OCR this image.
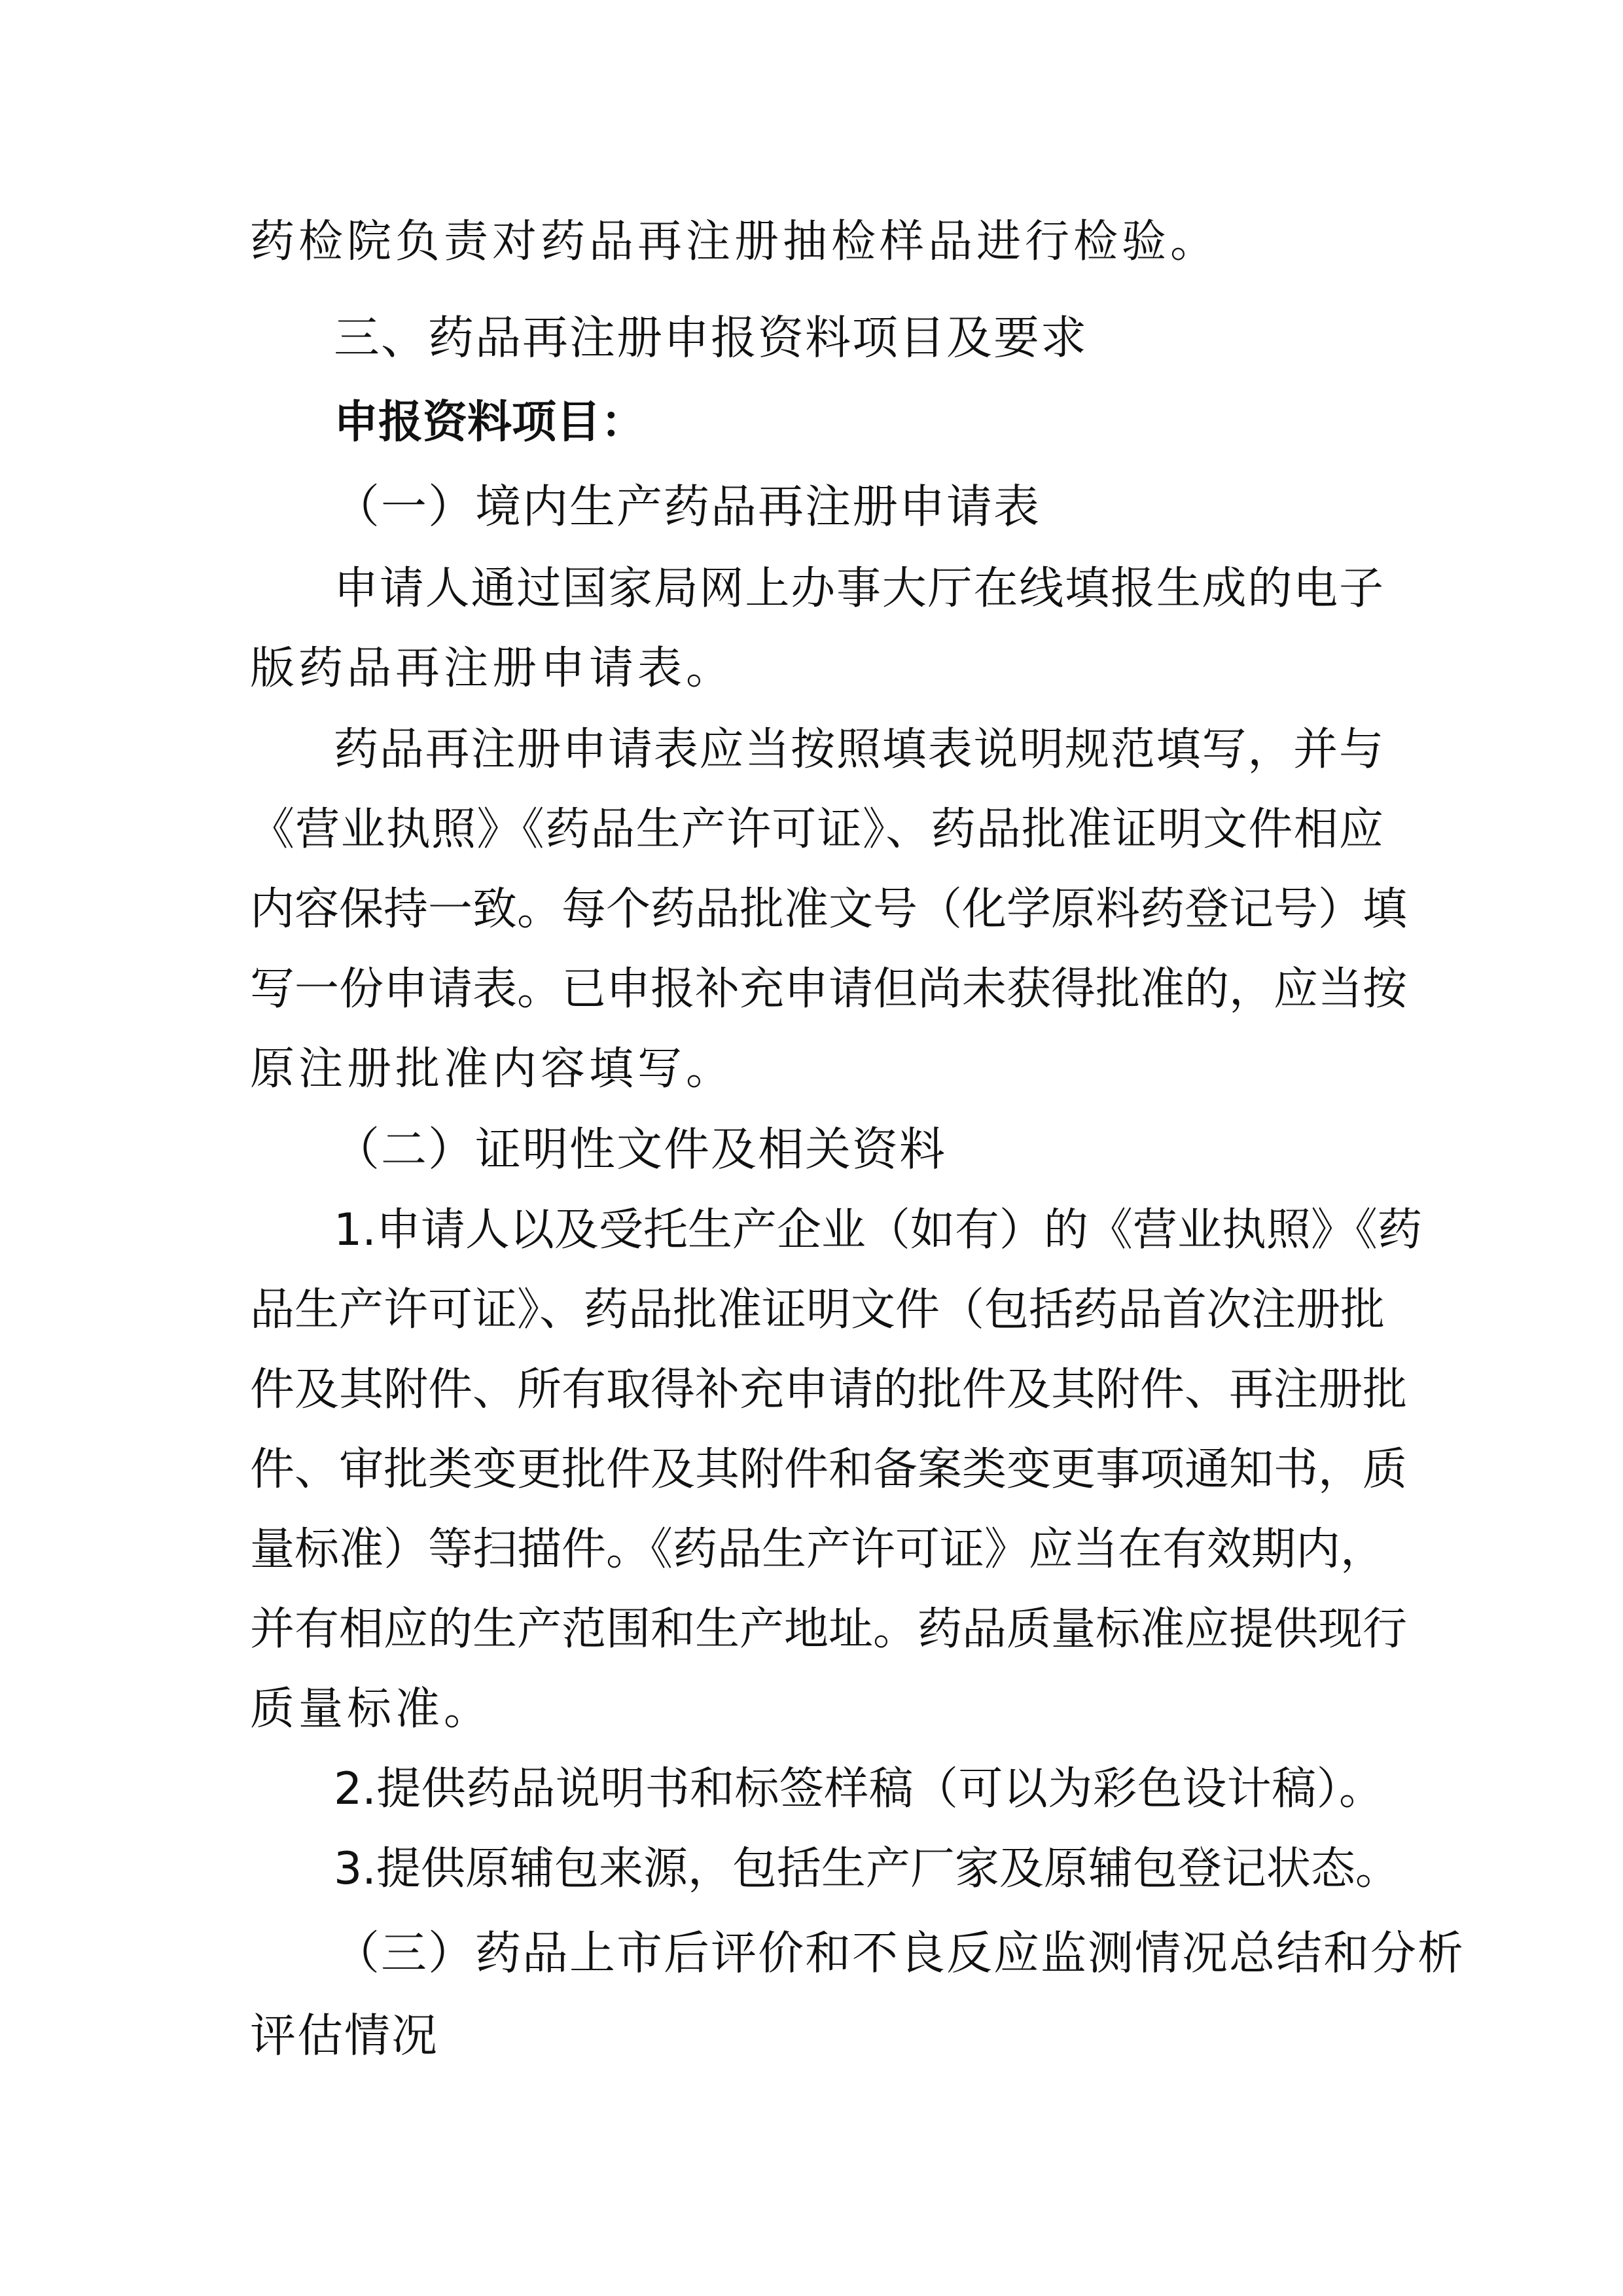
药检院负责对药品再注册抽检样品进行检验。
三、药品再注册申报资料项目及要求
申报资料项目：
（一）境内生产药品再注册申请表
申请人通过国家局网上办事大厅在线填报生成的电子
版药品再注册申请表。
药品再注册申请表应当按照填表说明规范填写，并与
《营业执照》《药品生产许可证》、药品批准证明文件相应
内容保持一致。每个药品批准文号（化学原料药登记号）填
写一份申请表。已申报补充申请但尚未获得批准的，应当按
原注册批准内容填写。
（二）证明性文件及相关资料
1.申请人以及受托生产企业（如有）的《营业执照》《药
品生产许可证》、药品批准证明文件（包括药品首次注册批
件及其附件、所有取得补充申请的批件及其附件、再注册批
件、审批类变更批件及其附件和备案类变更事项通知书，质
量标准）等扫描件。《药品生产许可证》应当在有效期内，
并有相应的生产范围和生产地址。药品质量标准应提供现行
质量标准。
2.提供药品说明书和标签样稿（可以为彩色设计稿）。
3.提供原辅包来源，包括生产厂家及原辅包登记状态。
（三）药品上市后评价和不良反应监测情况总结和分析
评估情况
